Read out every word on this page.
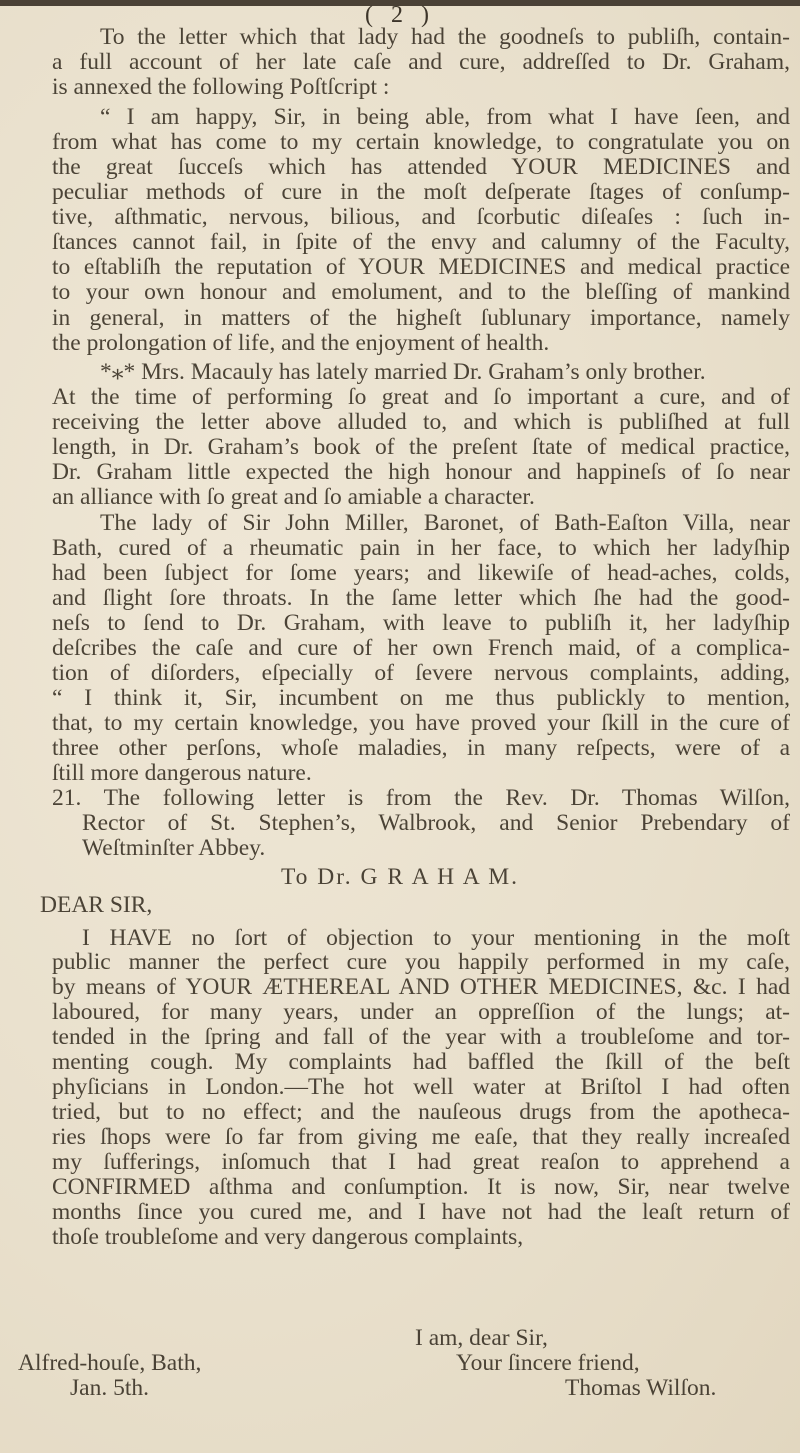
( 2 )
To the letter which that lady had the goodneſs to publiſh, contain-
a full account of her late caſe and cure, addreſſed to Dr. Graham,
is annexed the following Poſtſcript :
“ I am happy, Sir, in being able, from what I have ſeen, and
from what has come to my certain knowledge, to congratulate you on
the great ſucceſs which has attended YOUR MEDICINES and
peculiar methods of cure in the moſt deſperate ſtages of conſump-
tive, aſthmatic, nervous, bilious, and ſcorbutic diſeaſes : ſuch in-
ſtances cannot fail, in ſpite of the envy and calumny of the Faculty,
to eſtabliſh the reputation of YOUR MEDICINES and medical practice
to your own honour and emolument, and to the bleſſing of mankind
in general, in matters of the higheſt ſublunary importance, namely
the prolongation of life, and the enjoyment of health.
*⁎* Mrs. Macauly has lately married Dr. Graham’s only brother.
At the time of performing ſo great and ſo important a cure, and of
receiving the letter above alluded to, and which is publiſhed at full
length, in Dr. Graham’s book of the preſent ſtate of medical practice,
Dr. Graham little expected the high honour and happineſs of ſo near
an alliance with ſo great and ſo amiable a character.
The lady of Sir John Miller, Baronet, of Bath-Eaſton Villa, near
Bath, cured of a rheumatic pain in her face, to which her ladyſhip
had been ſubject for ſome years; and likewiſe of head-aches, colds,
and ſlight ſore throats. In the ſame letter which ſhe had the good-
neſs to ſend to Dr. Graham, with leave to publiſh it, her ladyſhip
deſcribes the caſe and cure of her own French maid, of a complica-
tion of diſorders, eſpecially of ſevere nervous complaints, adding,
“ I think it, Sir, incumbent on me thus publickly to mention,
that, to my certain knowledge, you have proved your ſkill in the cure of
three other perſons, whoſe maladies, in many reſpects, were of a
ſtill more dangerous nature.
21. The following letter is from the Rev. Dr. Thomas Wilſon,
Rector of St. Stephen’s, Walbrook, and Senior Prebendary of
Weſtminſter Abbey.
To Dr. G R A H A M.
DEAR SIR,
I HAVE no ſort of objection to your mentioning in the moſt
public manner the perfect cure you happily performed in my caſe,
by means of YOUR ÆTHEREAL AND OTHER MEDICINES, &c. I had
laboured, for many years, under an oppreſſion of the lungs; at-
tended in the ſpring and fall of the year with a troubleſome and tor-
menting cough. My complaints had baffled the ſkill of the beſt
phyſicians in London.—The hot well water at Briſtol I had often
tried, but to no effect; and the nauſeous drugs from the apotheca-
ries ſhops were ſo far from giving me eaſe, that they really increaſed
my ſufferings, inſomuch that I had great reaſon to apprehend a
CONFIRMED aſthma and conſumption. It is now, Sir, near twelve
months ſince you cured me, and I have not had the leaſt return of
thoſe troubleſome and very dangerous complaints,
I am, dear Sir,
Alfred-houſe, Bath,	Your ſincere friend,
Jan. 5th.	Thomas Wilſon.
